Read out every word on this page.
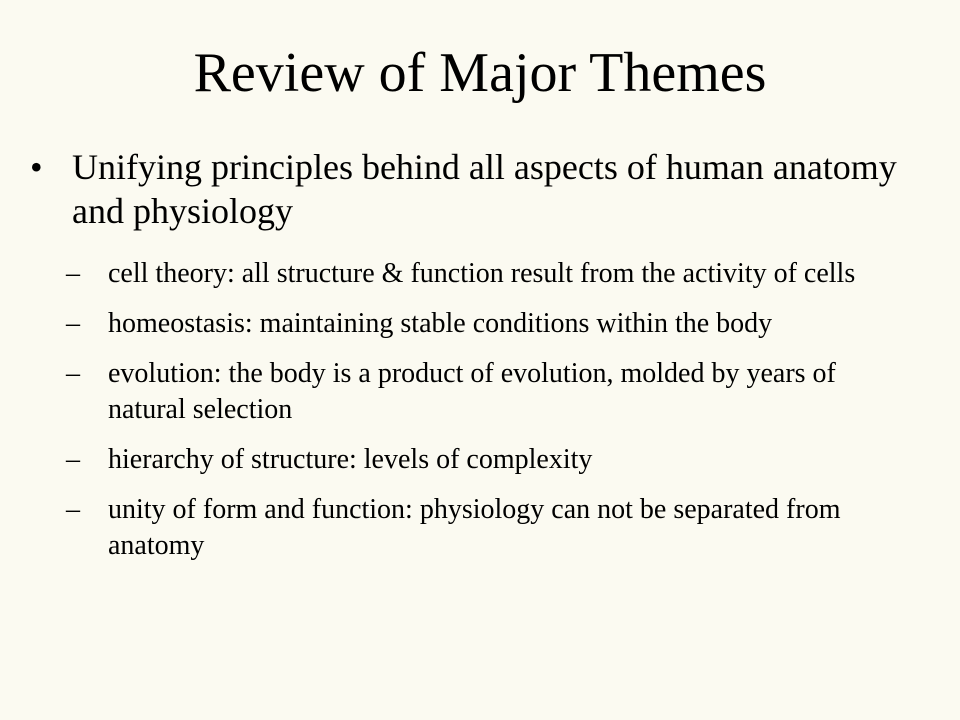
Review of Major Themes
• Unifying principles behind all aspects of human anatomy and physiology
–	cell theory: all structure & function result from the activity of cells
–	homeostasis: maintaining stable conditions within the body
–	evolution: the body is a product of evolution, molded by years of natural selection
–	hierarchy of structure: levels of complexity
–	unity of form and function: physiology can not be separated from anatomy
